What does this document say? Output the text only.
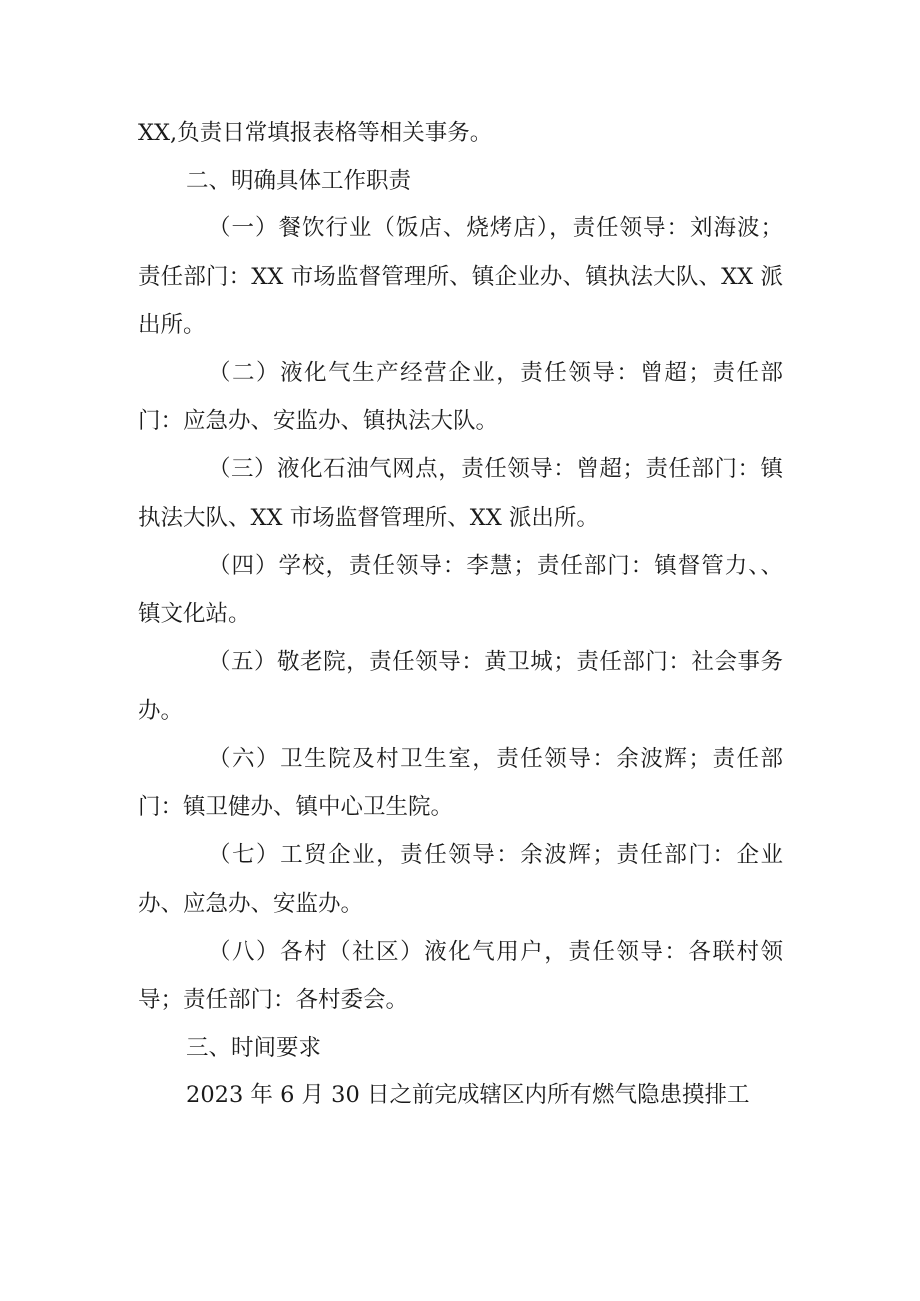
XX,负责日常填报表格等相关事务。

二、明确具体工作职责

（一）餐饮行业（饭店、烧烤店），责任领导：刘海波；

责任部门：XX 市场监督管理所、镇企业办、镇执法大队、XX 派

出所。

（二）液化气生产经营企业，责任领导：曾超；责任部

门：应急办、安监办、镇执法大队。

（三）液化石油气网点，责任领导：曾超；责任部门：镇

执法大队、XX 市场监督管理所、XX 派出所。

（四）学校，责任领导：李慧；责任部门：镇督管力、、

镇文化站。

（五）敬老院，责任领导：黄卫城；责任部门：社会事务

办。

（六）卫生院及村卫生室，责任领导：余波辉；责任部

门：镇卫健办、镇中心卫生院。

（七）工贸企业，责任领导：余波辉；责任部门：企业

办、应急办、安监办。

（八）各村（社区）液化气用户，责任领导：各联村领

导；责任部门：各村委会。

三、时间要求

2023 年 6 月 30 日之前完成辖区内所有燃气隐患摸排工
